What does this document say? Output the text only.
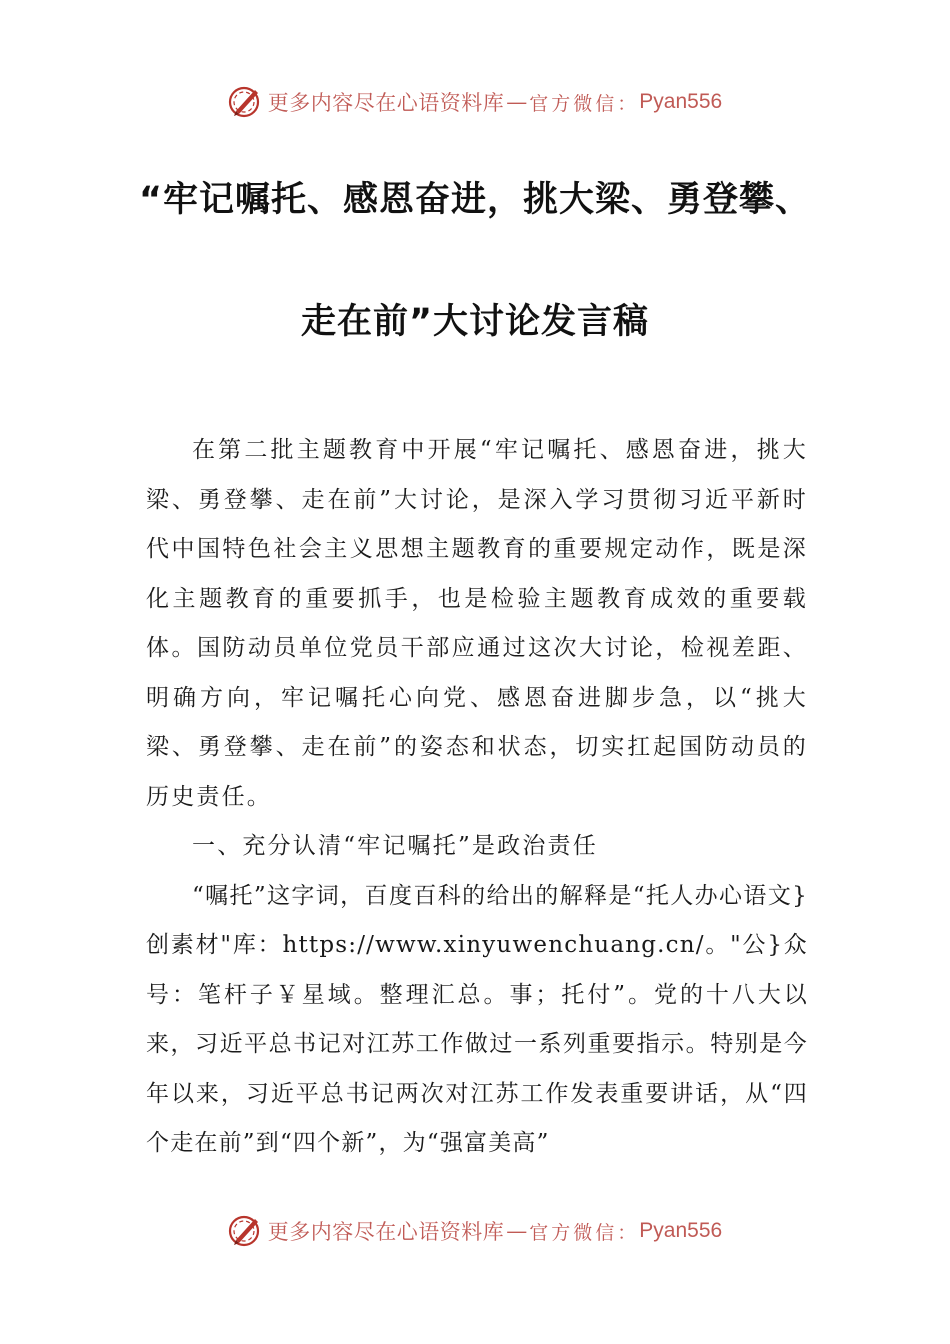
更多内容尽在心语资料库 — 官方微信： Pyan556
“牢记嘱托、感恩奋进，挑大梁、勇登攀、
走在前”大讨论发言稿

在第二批主题教育中开展“牢记嘱托、感恩奋进，挑大梁、勇登攀、走在前”大讨论，是深入学习贯彻习近平新时代中国特色社会主义思想主题教育的重要规定动作，既是深化主题教育的重要抓手，也是检验主题教育成效的重要载体。国防动员单位党员干部应通过这次大讨论，检视差距、明确方向，牢记嘱托心向党、感恩奋进脚步急，以“挑大梁、勇登攀、走在前”的姿态和状态，切实扛起国防动员的历史责任。

一、充分认清“牢记嘱托”是政治责任

“嘱托”这字词，百度百科的给出的解释是“托人办心语文}创素材"库：https://www.xinyuwenchuang.cn/。"公}众号：笔杆子￥星域。整理汇总。事；托付”。党的十八大以来，习近平总书记对江苏工作做过一系列重要指示。特别是今年以来，习近平总书记两次对江苏工作发表重要讲话，从“四个走在前”到“四个新”，为“强富美高”

更多内容尽在心语资料库 — 官方微信： Pyan556
